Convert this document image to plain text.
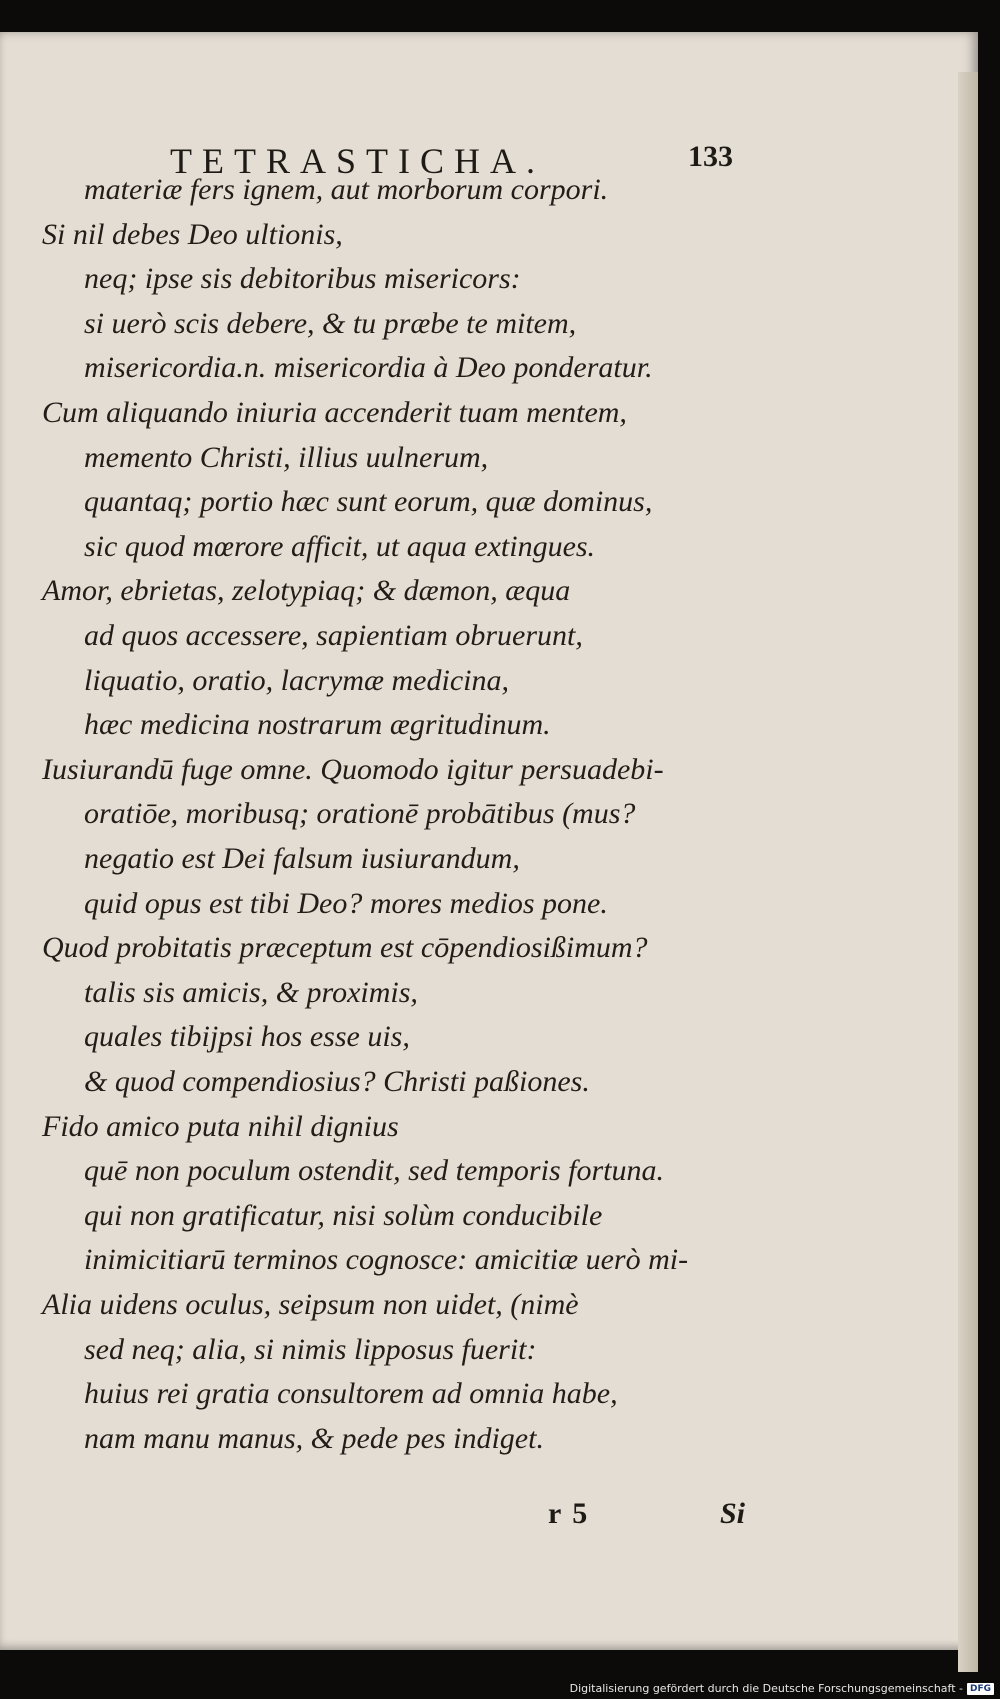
TETRASTICHA.	133
materiæ fers ignem, aut morborum corpori.
Si nil debes Deo ultionis,
neq; ipse sis debitoribus misericors:
si uerò scis debere, & tu præbe te mitem,
misericordia.n. misericordia à Deo ponderatur.
Cum aliquando iniuria accenderit tuam mentem,
memento Christi, illius uulnerum,
quantaq; portio hæc sunt eorum, quæ dominus,
sic quod mœrore afficit, ut aqua extingues.
Amor, ebrietas, zelotypiaq; & dæmon, æqua
ad quos accessere, sapientiam obruerunt,
liquatio, oratio, lacrymæ medicina,
hæc medicina nostrarum ægritudinum.
Iusiurandū fuge omne. Quomodo igitur persuadebi-
oratiōe, moribusq; orationē probātibus (mus?
negatio est Dei falsum iusiurandum,
quid opus est tibi Deo? mores medios pone.
Quod probitatis præceptum est cōpendiosißimum?
talis sis amicis, & proximis,
quales tibijpsi hos esse uis,
& quod compendiosius? Christi paßiones.
Fido amico puta nihil dignius
quē non poculum ostendit, sed temporis fortuna.
qui non gratificatur, nisi solùm conducibile
inimicitiarū terminos cognosce: amicitiæ uerò mi-
Alia uidens oculus, seipsum non uidet, (nimè
sed neq; alia, si nimis lipposus fuerit:
huius rei gratia consultorem ad omnia habe,
nam manu manus, & pede pes indiget.
r 5	Si
Digitalisierung gefördert durch die Deutsche Forschungsgemeinschaft - DFG
